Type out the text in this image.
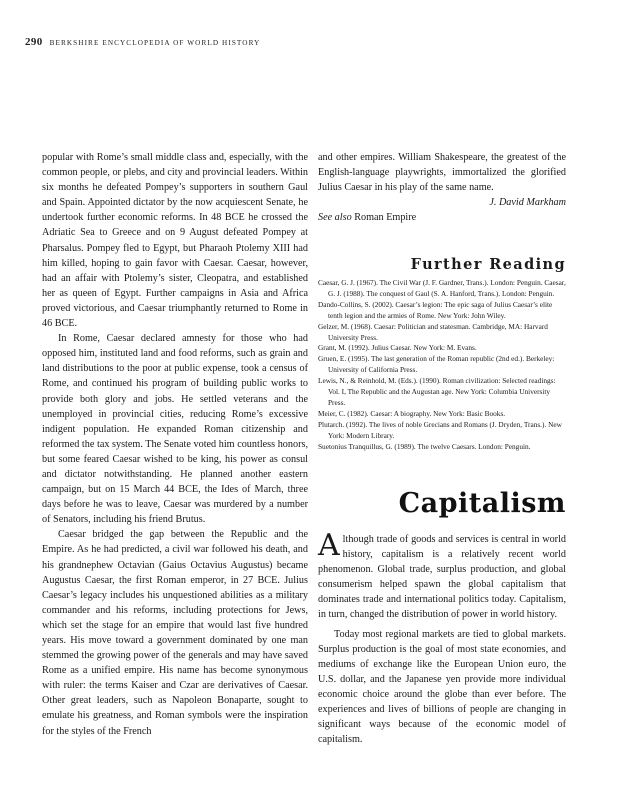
290 BERKSHIRE ENCYCLOPEDIA OF WORLD HISTORY

popular with Rome’s small middle class and, especially, with the common people, or plebs, and city and provincial leaders. Within six months he defeated Pompey’s supporters in southern Gaul and Spain. Appointed dictator by the now acquiescent Senate, he undertook further economic reforms. In 48 BCE he crossed the Adriatic Sea to Greece and on 9 August defeated Pompey at Pharsalus. Pompey fled to Egypt, but Pharaoh Ptolemy XIII had him killed, hoping to gain favor with Caesar. Caesar, however, had an affair with Ptolemy’s sister, Cleopatra, and established her as queen of Egypt. Further campaigns in Asia and Africa proved victorious, and Caesar triumphantly returned to Rome in 46 BCE.

In Rome, Caesar declared amnesty for those who had opposed him, instituted land and food reforms, such as grain and land distributions to the poor at public expense, took a census of Rome, and continued his program of building public works to provide both glory and jobs. He settled veterans and the unemployed in provincial cities, reducing Rome’s excessive indigent population. He expanded Roman citizenship and reformed the tax system. The Senate voted him countless honors, but some feared Caesar wished to be king, his power as consul and dictator notwithstanding. He planned another eastern campaign, but on 15 March 44 BCE, the Ides of March, three days before he was to leave, Caesar was murdered by a number of Senators, including his friend Brutus.

Caesar bridged the gap between the Republic and the Empire. As he had predicted, a civil war followed his death, and his grandnephew Octavian (Gaius Octavius Augustus) became Augustus Caesar, the first Roman emperor, in 27 BCE. Julius Caesar’s legacy includes his unquestioned abilities as a military commander and his reforms, including protections for Jews, which set the stage for an empire that would last five hundred years. His move toward a government dominated by one man stemmed the growing power of the generals and may have saved Rome as a unified empire. His name has become synonymous with ruler: the terms Kaiser and Czar are derivatives of Caesar. Other great leaders, such as Napoleon Bonaparte, sought to emulate his greatness, and Roman symbols were the inspiration for the styles of the French

and other empires. William Shakespeare, the greatest of the English-language playwrights, immortalized the glorified Julius Caesar in his play of the same name.

J. David Markham

See also Roman Empire

Further Reading
Caesar, G. J. (1967). The Civil War (J. F. Gardner, Trans.). London: Penguin. Caesar, G. J. (1988). The conquest of Gaul (S. A. Hanford, Trans.). London: Penguin.
Dando-Collins, S. (2002). Caesar’s legion: The epic saga of Julius Caesar’s elite tenth legion and the armies of Rome. New York: John Wiley.
Gelzer, M. (1968). Caesar: Politician and statesman. Cambridge, MA: Harvard University Press.
Grant, M. (1992). Julius Caesar. New York: M. Evans.
Gruen, E. (1995). The last generation of the Roman republic (2nd ed.). Berkeley: University of California Press.
Lewis, N., & Reinhold, M. (Eds.). (1990). Roman civilization: Selected readings: Vol. I, The Republic and the Augustan age. New York: Columbia University Press.
Meier, C. (1982). Caesar: A biography. New York: Basic Books.
Plutarch. (1992). The lives of noble Grecians and Romans (J. Dryden, Trans.). New York: Modern Library.
Suetonius Tranquillus, G. (1989). The twelve Caesars. London: Penguin.
Capitalism

Although trade of goods and services is central in world history, capitalism is a relatively recent world phenomenon. Global trade, surplus production, and global consumerism helped spawn the global capitalism that dominates trade and international politics today. Capitalism, in turn, changed the distribution of power in world history.

Today most regional markets are tied to global markets. Surplus production is the goal of most state economies, and mediums of exchange like the European Union euro, the U.S. dollar, and the Japanese yen provide more individual economic choice around the globe than ever before. The experiences and lives of billions of people are changing in significant ways because of the economic model of capitalism.
